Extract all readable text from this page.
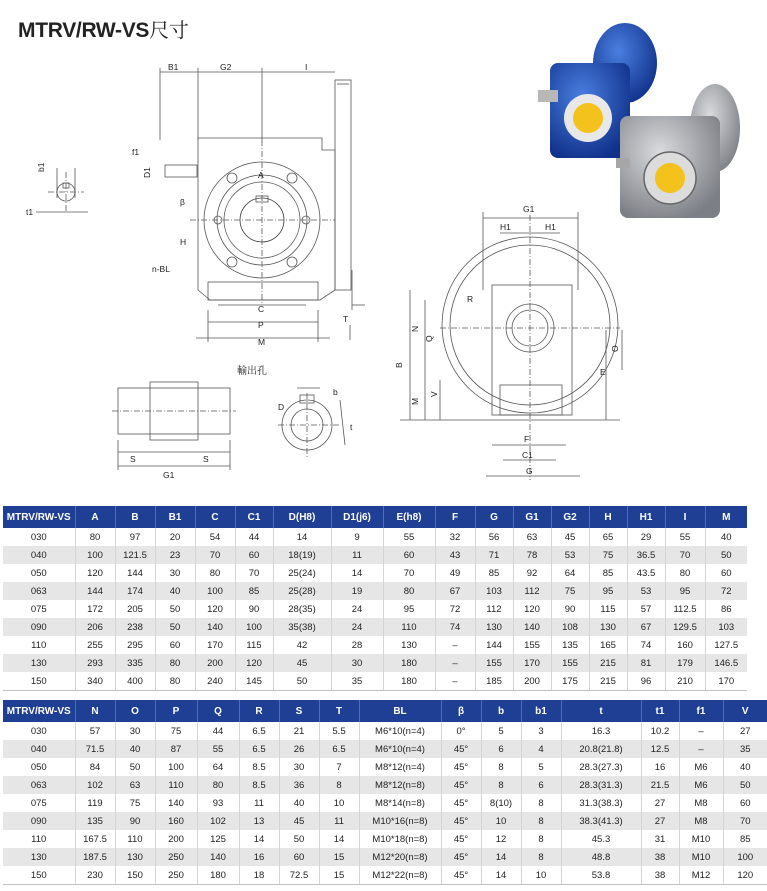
MTRV/RW-VS尺寸
b1
t1
f1
D1
B1	G2	I
β
H
n-BL
A
C
P
M
T
輸出孔
S	S
G1
D
b
t
G1
H1	H1
R
B
N
Q
O
E
V
M
F
C1
G
MTRV/RW-VS	A	B	B1	C	C1	D(H8)	D1(j6)	E(h8)	F	G	G1	G2	H	H1	I	M
030	80	97	20	54	44	14	9	55	32	56	63	45	65	29	55	40
040	100	121.5	23	70	60	18(19)	11	60	43	71	78	53	75	36.5	70	50
050	120	144	30	80	70	25(24)	14	70	49	85	92	64	85	43.5	80	60
063	144	174	40	100	85	25(28)	19	80	67	103	112	75	95	53	95	72
075	172	205	50	120	90	28(35)	24	95	72	112	120	90	115	57	112.5	86
090	206	238	50	140	100	35(38)	24	110	74	130	140	108	130	67	129.5	103
110	255	295	60	170	115	42	28	130	–	144	155	135	165	74	160	127.5
130	293	335	80	200	120	45	30	180	–	155	170	155	215	81	179	146.5
150	340	400	80	240	145	50	35	180	–	185	200	175	215	96	210	170
MTRV/RW-VS	N	O	P	Q	R	S	T	BL	β	b	b1	t	t1	f1	V
030	57	30	75	44	6.5	21	5.5	M6*10(n=4)	0°	5	3	16.3	10.2	–	27
040	71.5	40	87	55	6.5	26	6.5	M6*10(n=4)	45°	6	4	20.8(21.8)	12.5	–	35
050	84	50	100	64	8.5	30	7	M8*12(n=4)	45°	8	5	28.3(27.3)	16	M6	40
063	102	63	110	80	8.5	36	8	M8*12(n=8)	45°	8	6	28.3(31.3)	21.5	M6	50
075	119	75	140	93	11	40	10	M8*14(n=8)	45°	8(10)	8	31.3(38.3)	27	M8	60
090	135	90	160	102	13	45	11	M10*16(n=8)	45°	10	8	38.3(41.3)	27	M8	70
110	167.5	110	200	125	14	50	14	M10*18(n=8)	45°	12	8	45.3	31	M10	85
130	187.5	130	250	140	16	60	15	M12*20(n=8)	45°	14	8	48.8	38	M10	100
150	230	150	250	180	18	72.5	15	M12*22(n=8)	45°	14	10	53.8	38	M12	120
